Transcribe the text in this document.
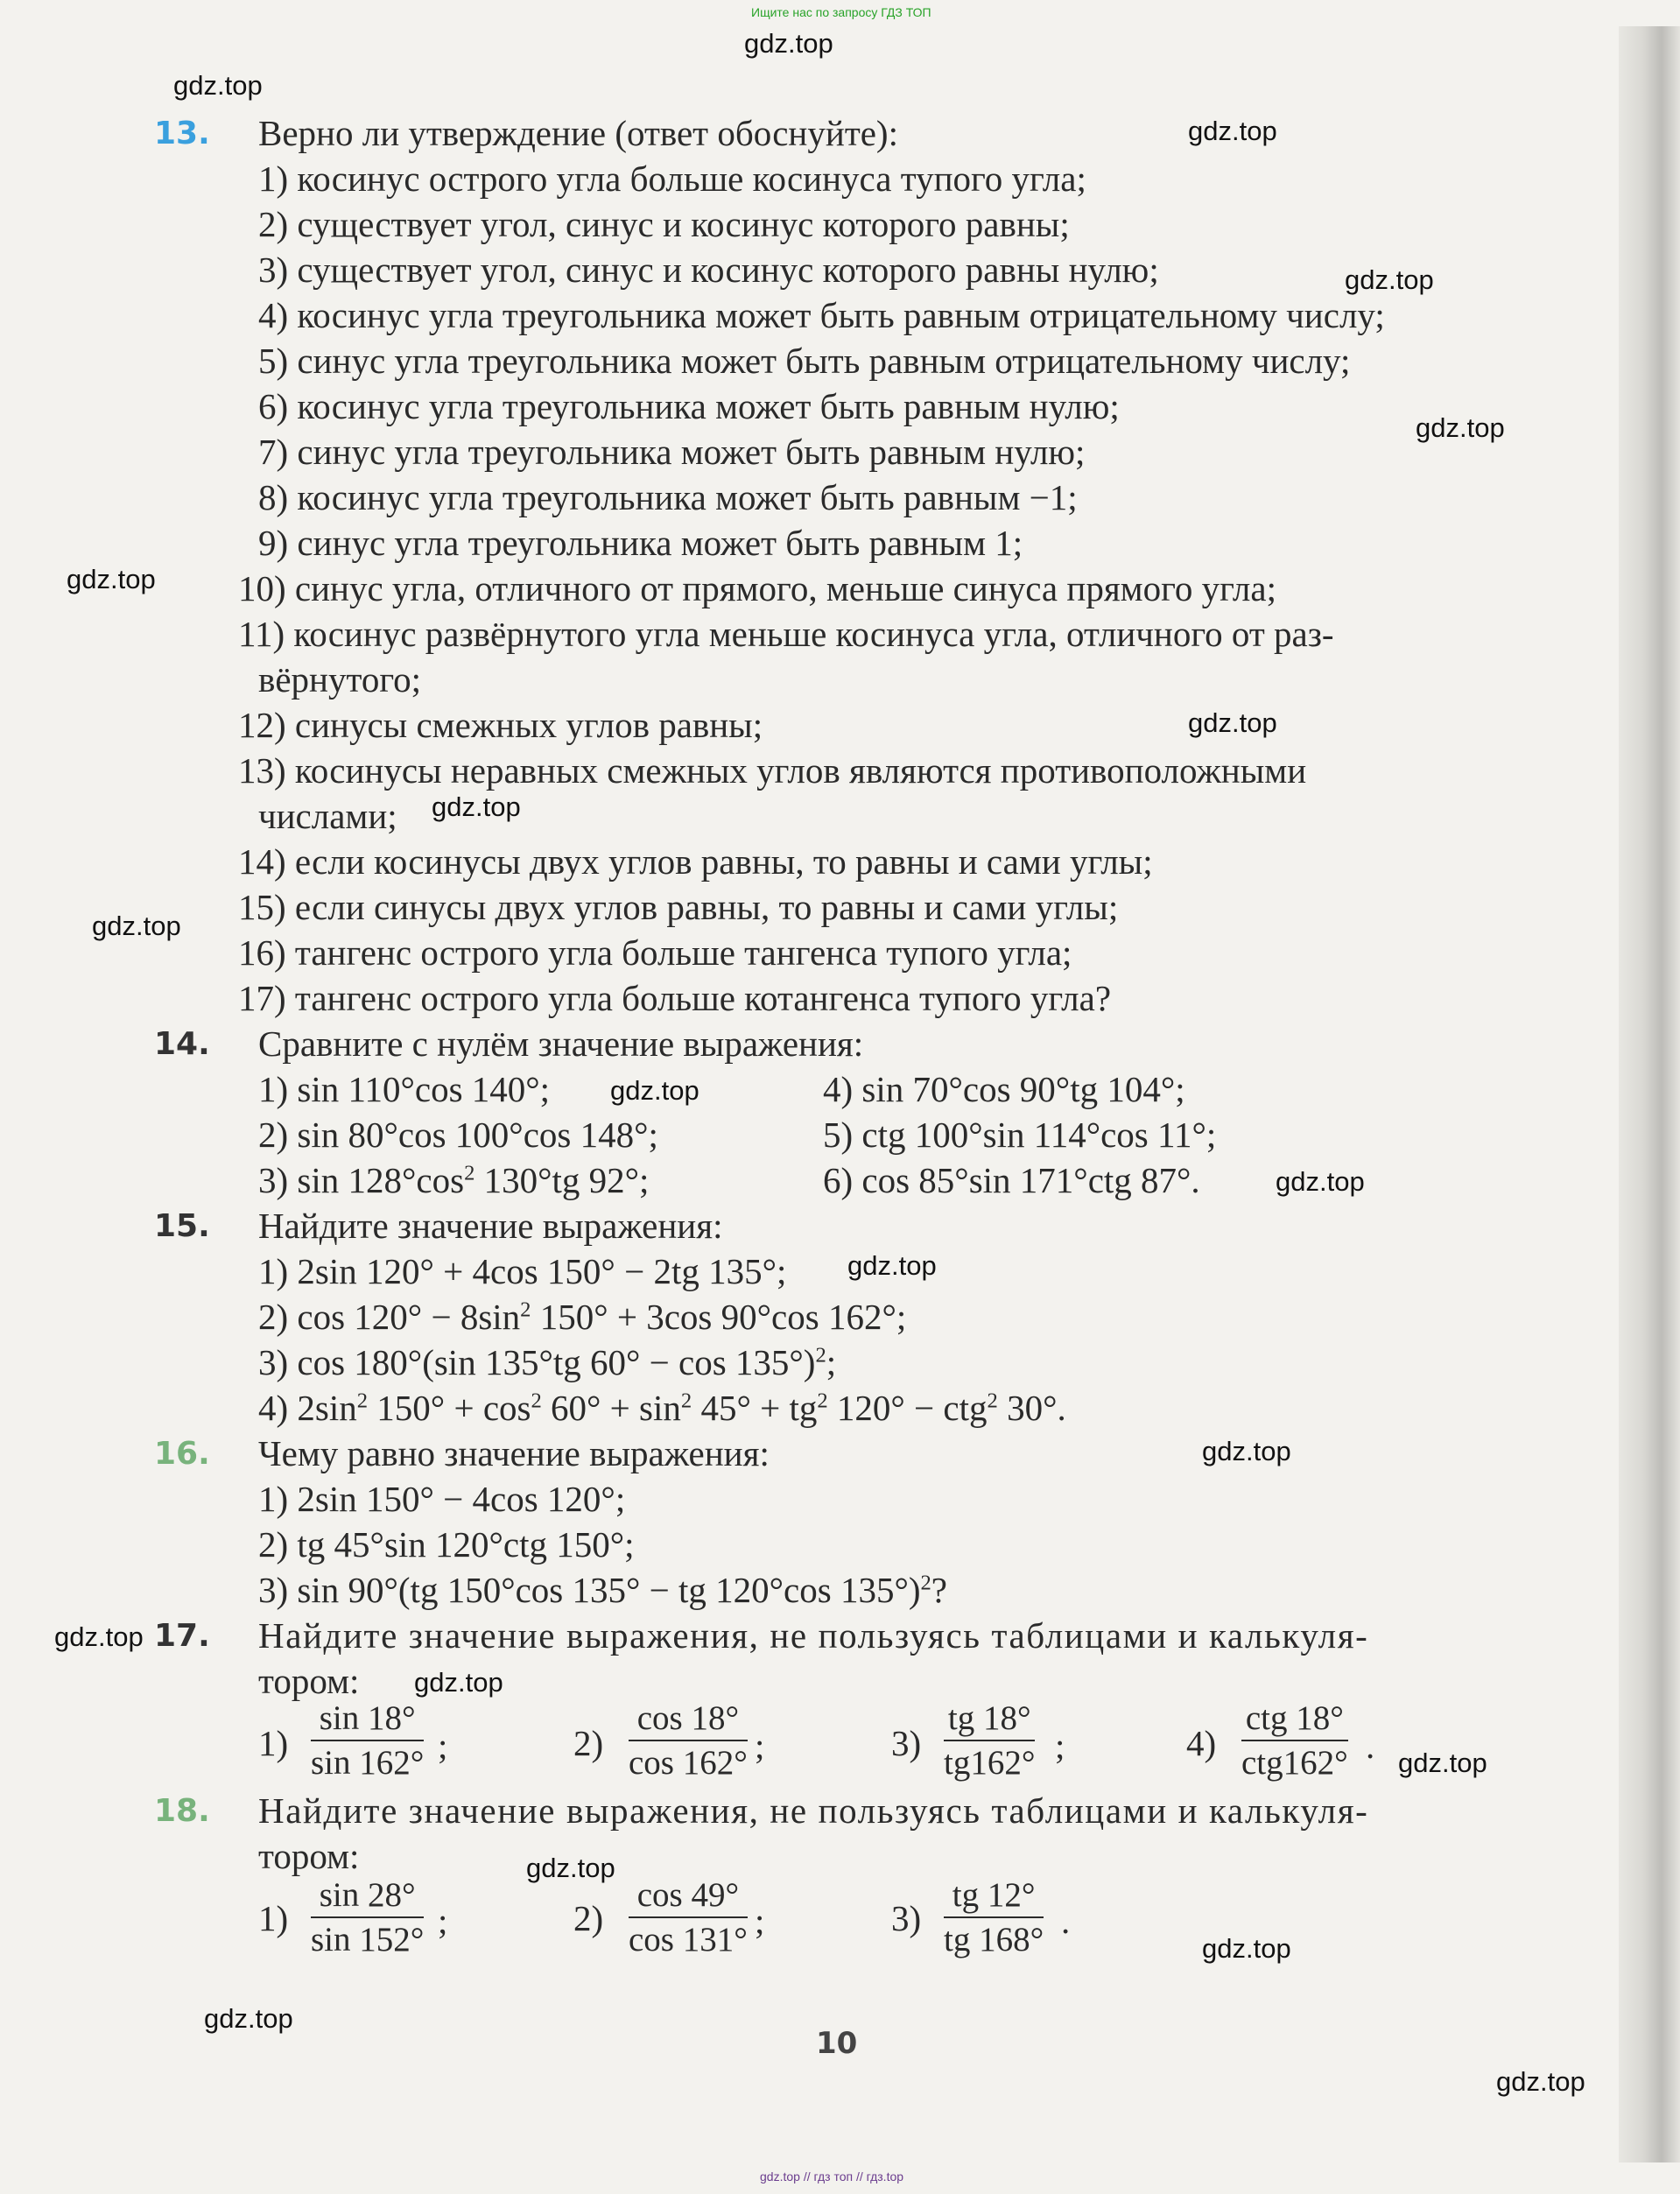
Ищите нас по запросу ГДЗ ТОП
13. Верно ли утверждение (ответ обоснуйте):
1) косинус острого угла больше косинуса тупого угла;
2) существует угол, синус и косинус которого равны;
3) существует угол, синус и косинус которого равны нулю;
4) косинус угла треугольника может быть равным отрицательному числу;
5) синус угла треугольника может быть равным отрицательному числу;
6) косинус угла треугольника может быть равным нулю;
7) синус угла треугольника может быть равным нулю;
8) косинус угла треугольника может быть равным −1;
9) синус угла треугольника может быть равным 1;
10) синус угла, отличного от прямого, меньше синуса прямого угла;
11) косинус развёрнутого угла меньше косинуса угла, отличного от раз-
вёрнутого;
12) синусы смежных углов равны;
13) косинусы неравных смежных углов являются противоположными
числами;
14) если косинусы двух углов равны, то равны и сами углы;
15) если синусы двух углов равны, то равны и сами углы;
16) тангенс острого угла больше тангенса тупого угла;
17) тангенс острого угла больше котангенса тупого угла?
14. Сравните с нулём значение выражения:
1) sin 110°cos 140°;
2) sin 80°cos 100°cos 148°;
3) $\sin 128^\circ\cos^2$ 130°tg 92°;
4) sin 70°cos 90°tg 104°;
5) ctg 100°sin 114°cos 11°;
6) cos 85°sin 171°ctg 87°.
15. Найдите значение выражения:
1) 2sin 120° + 4cos 150° − 2tg 135°;
2) $\cos 120^\circ - 8\sin^2$ 150° + 3cos 90°cos 162°;
3) cos 180°(sin 135°tg 60° − cos 135°)$^2$;
4) $2\sin^2$ $150^\circ + \cos^2 60^\circ + \sin^2 45^\circ + tg^2$ 120° − ctg$^2$ 30°.
16. Чему равно значение выражения:
1) 2sin 150° − 4cos 120°;
2) tg 45°sin 120°ctg 150°;
3) sin 90°(tg 150°cos 135° − tg 120°cos 135°)$^2$?
17. Найдите значение выражения, не пользуясь таблицами и калькуля-
тором:
$1) \frac{\sin 18^\circ}{\sin 162^\circ}$ ;	$2) \frac{\cos 18^\circ}{\cos 162^\circ}$ ;	$3) \frac{tg 18^\circ}{tg162^\circ}$ ;	4)
ctg 18°
ctg162° .
18. Найдите значение выражения, не пользуясь таблицами и калькуля-
тором:
$1) \frac{\sin 28^\circ}{\sin 152^\circ}$ ;	$2) \frac{\cos 49^\circ}{\cos 131^\circ}$ ;	$3) \frac{tg 12^\circ}{tg 168^\circ}$ .
10
gdz.top
gdz.top
gdz.top
gdz.top
gdz.top
gdz.top
gdz.top
gdz.top
gdz.top
gdz.top
gdz.top
gdz.top
gdz.top
gdz.top
gdz.top
gdz.top
gdz.top
gdz.top
gdz.top
gdz.top
gdz.top // гдз топ // гдз.top
